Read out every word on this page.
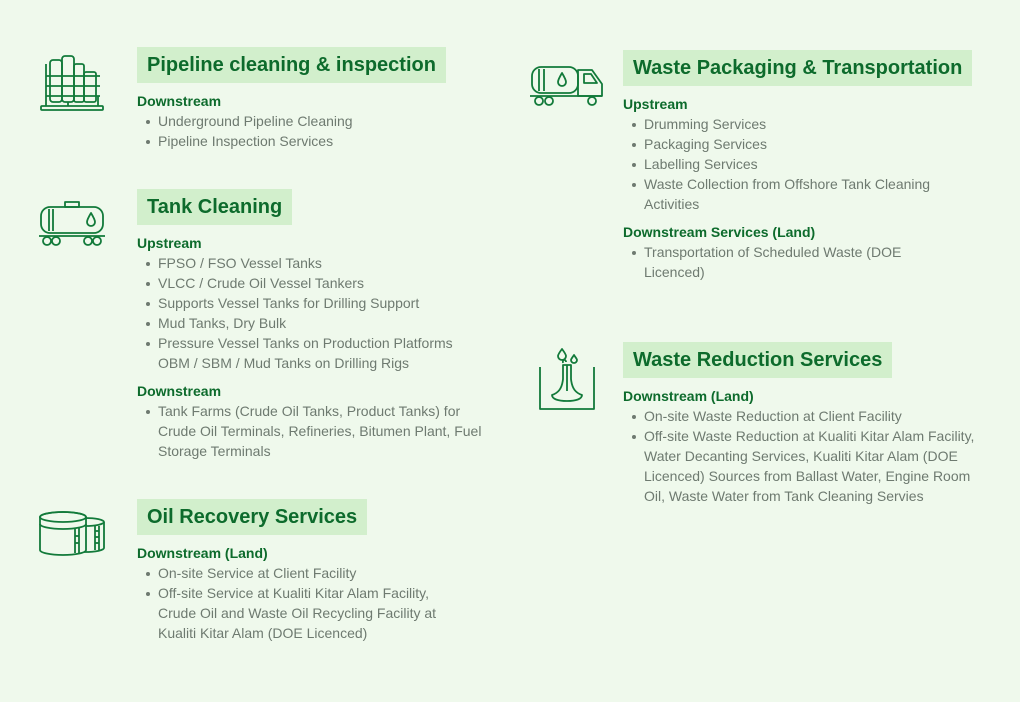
Pipeline cleaning & inspection

Downstream

Underground Pipeline Cleaning
Pipeline Inspection Services
Tank Cleaning

Upstream

FPSO / FSO Vessel Tanks
VLCC / Crude Oil Vessel Tankers
Supports Vessel Tanks for Drilling Support
Mud Tanks, Dry Bulk
Pressure Vessel Tanks on Production Platforms OBM / SBM / Mud Tanks on Drilling Rigs

Downstream

Tank Farms (Crude Oil Tanks, Product Tanks) for Crude Oil Terminals, Refineries, Bitumen Plant, Fuel Storage Terminals
Oil Recovery Services

Downstream (Land)

On-site Service at Client Facility
Off-site Service at Kualiti Kitar Alam Facility, Crude Oil and Waste Oil Recycling Facility at Kualiti Kitar Alam (DOE Licenced)
Waste Packaging & Transportation

Upstream

Drumming Services
Packaging Services
Labelling Services
Waste Collection from Offshore Tank Cleaning Activities

Downstream Services (Land)

Transportation of Scheduled Waste (DOE Licenced)
Waste Reduction Services

Downstream (Land)

On-site Waste Reduction at Client Facility
Off-site Waste Reduction at Kualiti Kitar Alam Facility, Water Decanting Services, Kualiti Kitar Alam (DOE Licenced) Sources from Ballast Water, Engine Room Oil, Waste Water from Tank Cleaning Servies
